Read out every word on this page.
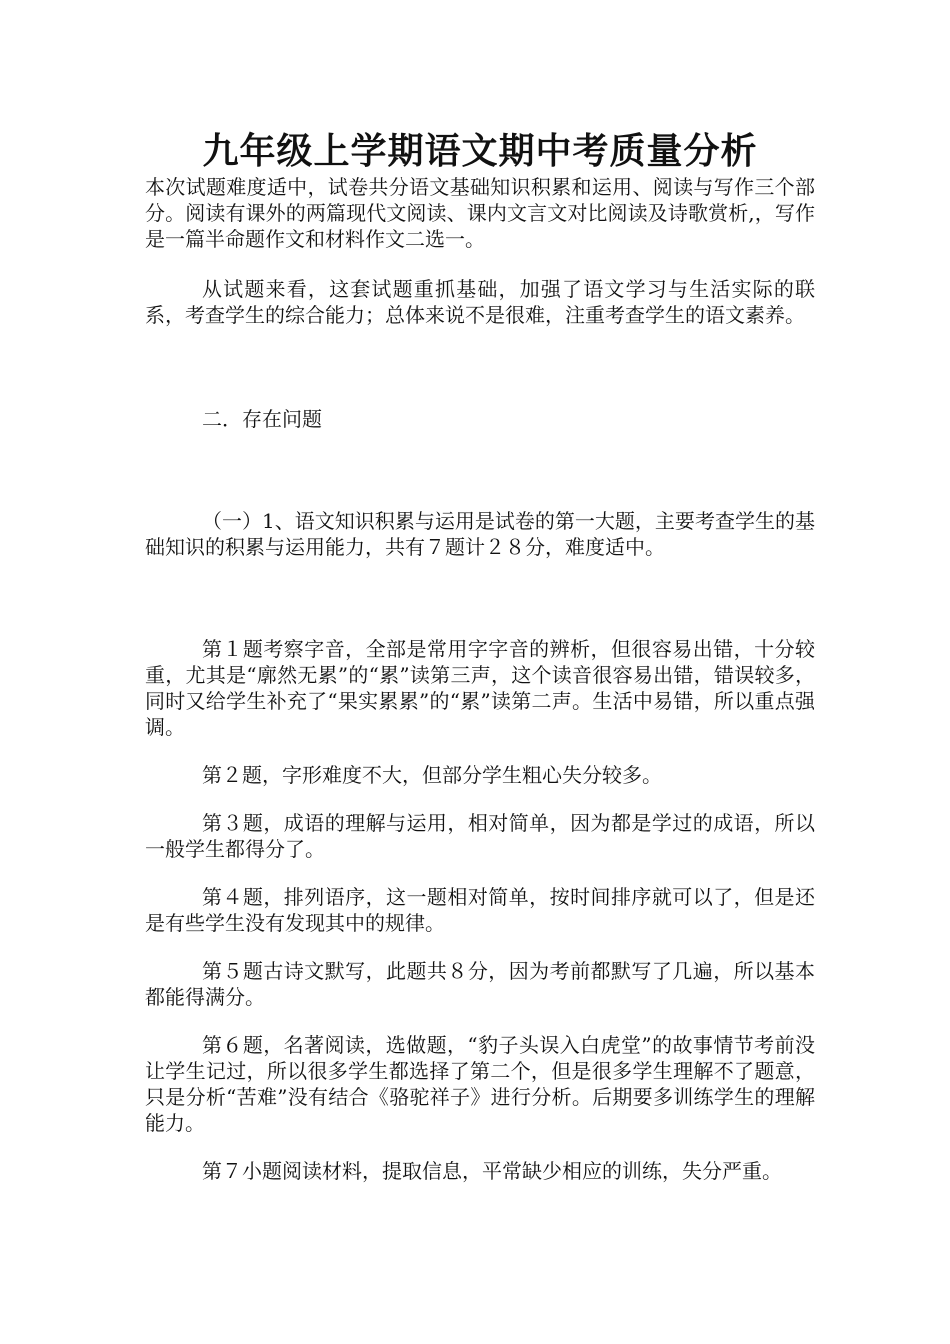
九年级上学期语文期中考质量分析

本次试题难度适中，试卷共分语文基础知识积累和运用、阅读与写作三个部分。阅读有课外的两篇现代文阅读、课内文言文对比阅读及诗歌赏析,，写作是一篇半命题作文和材料作文二选一。

从试题来看，这套试题重抓基础，加强了语文学习与生活实际的联系，考查学生的综合能力；总体来说不是很难，注重考查学生的语文素养。

二．存在问题

（一）1、语文知识积累与运用是试卷的第一大题，主要考查学生的基础知识的积累与运用能力，共有７题计２８分，难度适中。

第１题考察字音，全部是常用字字音的辨析，但很容易出错，十分较重，尤其是“廓然无累”的“累”读第三声，这个读音很容易出错，错误较多，同时又给学生补充了“果实累累”的“累”读第二声。生活中易错，所以重点强调。

第２题，字形难度不大，但部分学生粗心失分较多。

第３题，成语的理解与运用，相对简单，因为都是学过的成语，所以一般学生都得分了。

第４题，排列语序，这一题相对简单，按时间排序就可以了，但是还是有些学生没有发现其中的规律。

第５题古诗文默写，此题共８分，因为考前都默写了几遍，所以基本都能得满分。

第６题，名著阅读，选做题，“豹子头误入白虎堂”的故事情节考前没让学生记过，所以很多学生都选择了第二个，但是很多学生理解不了题意，只是分析“苦难”没有结合《骆驼祥子》进行分析。后期要多训练学生的理解能力。

第７小题阅读材料，提取信息，平常缺少相应的训练，失分严重。
